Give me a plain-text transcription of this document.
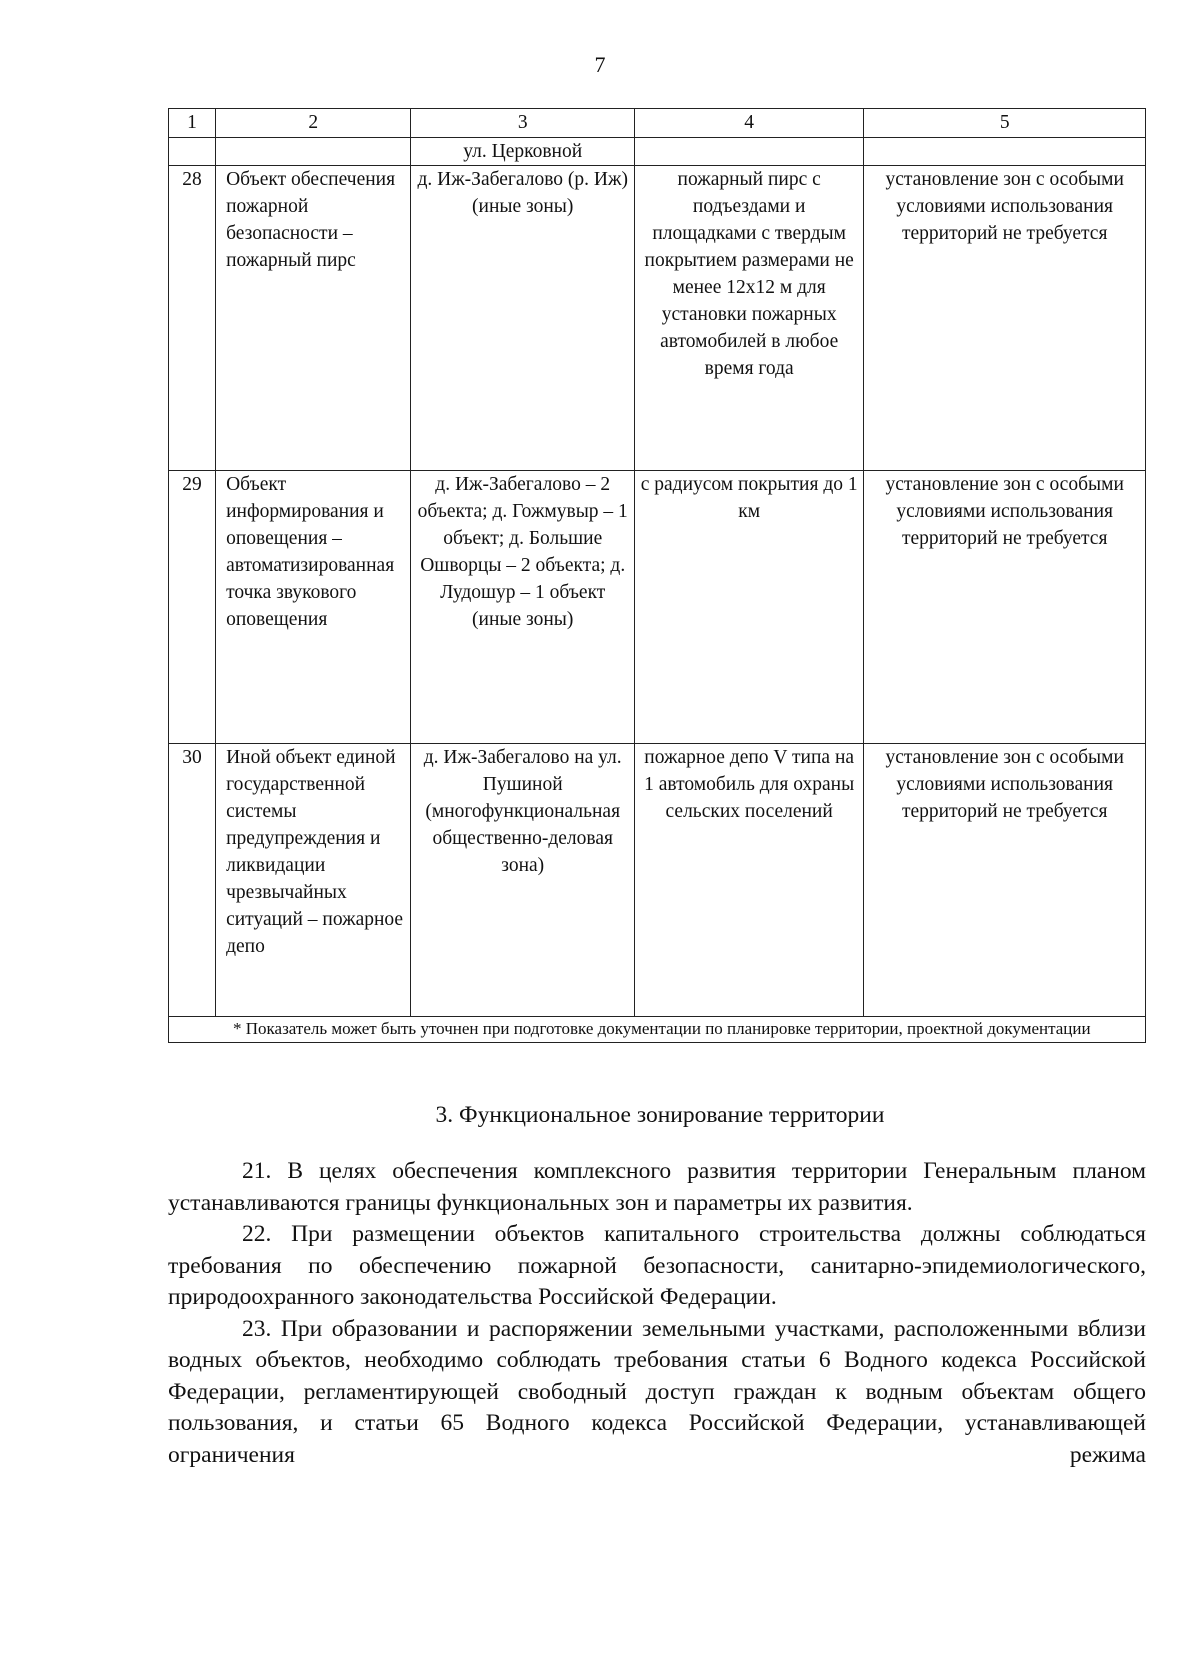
7
1	2	3	4	5
		ул. Церковной		
28	Объект обеспечения пожарной безопасности – пожарный пирс	д. Иж-Забегалово (р. Иж) (иные зоны)	пожарный пирс с подъездами и площадками с твердым покрытием размерами не менее 12х12 м для установки пожарных автомобилей в любое время года	установление зон с особыми условиями использования территорий не требуется
29	Объект информирования и оповещения – автоматизированная точка звукового оповещения	д. Иж-Забегалово – 2 объекта; д. Гожмувыр – 1 объект; д. Большие Ошворцы – 2 объекта; д. Лудошур – 1 объект (иные зоны)	с радиусом покрытия до 1 км	установление зон с особыми условиями использования территорий не требуется
30	Иной объект единой государственной системы предупреждения и ликвидации чрезвычайных ситуаций – пожарное депо	д. Иж-Забегалово на ул. Пушиной (многофункциональная общественно-деловая зона)	пожарное депо V типа на 1 автомобиль для охраны сельских поселений	установление зон с особыми условиями использования территорий не требуется
* Показатель может быть уточнен при подготовке документации по планировке территории, проектной документации				
3. Функциональное зонирование территории

21. В целях обеспечения комплексного развития территории Генеральным планом устанавливаются границы функциональных зон и параметры их развития.

22. При размещении объектов капитального строительства должны соблюдаться требования по обеспечению пожарной безопасности, санитарно-эпидемиологического, природоохранного законодательства Российской Федерации.

23. При образовании и распоряжении земельными участками, расположенными вблизи водных объектов, необходимо соблюдать требования статьи 6 Водного кодекса Российской Федерации, регламентирующей свободный доступ граждан к водным объектам общего пользования, и статьи 65 Водного кодекса Российской Федерации, устанавливающей ограничения режима
